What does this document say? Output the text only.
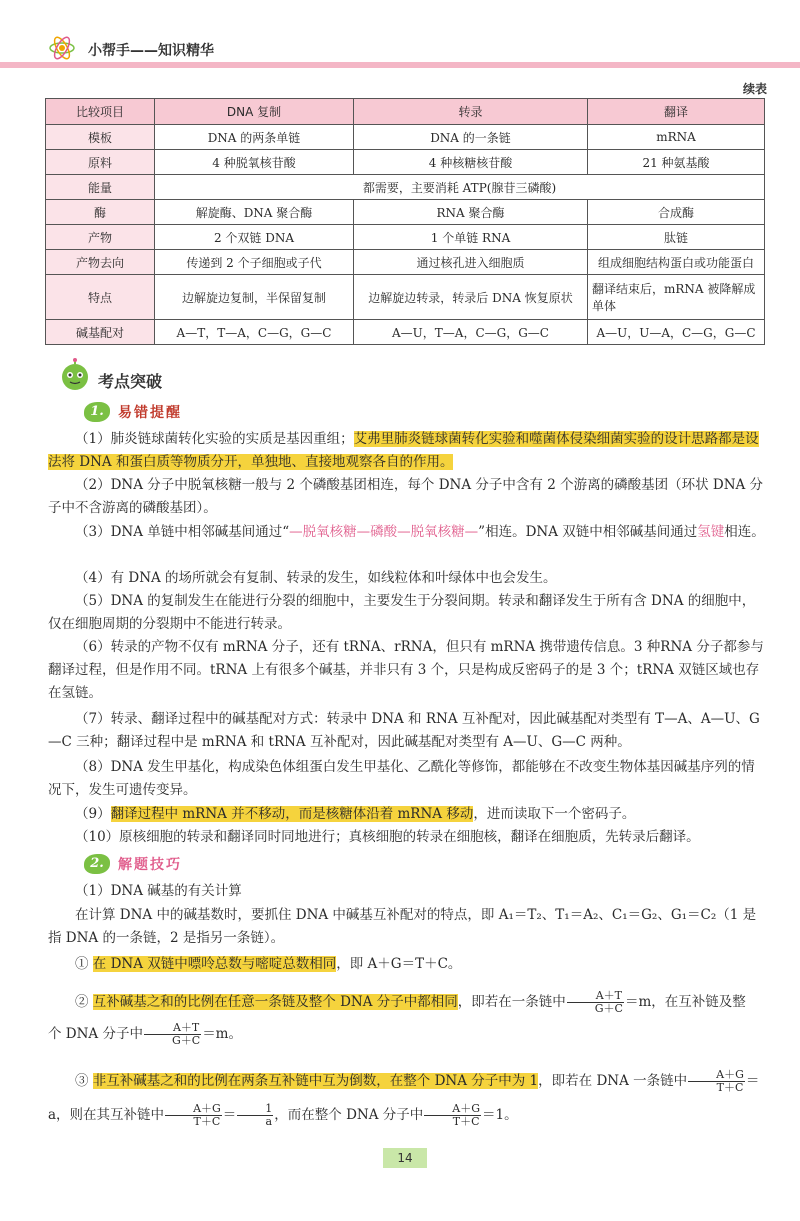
小帮手——知识精华
续表
比较项目	DNA 复制	转录	翻译
模板	DNA 的两条单链	DNA 的一条链	mRNA
原料	4 种脱氧核苷酸	4 种核糖核苷酸	21 种氨基酸
能量	都需要，主要消耗 ATP(腺苷三磷酸)		
酶	解旋酶、DNA 聚合酶	RNA 聚合酶	合成酶
产物	2 个双链 DNA	1 个单链 RNA	肽链
产物去向	传递到 2 个子细胞或子代	通过核孔进入细胞质	组成细胞结构蛋白或功能蛋白
特点	边解旋边复制，半保留复制	边解旋边转录，转录后 DNA 恢复原状	翻译结束后，mRNA 被降解成单体
碱基配对	A—T，T—A，C—G，G—C	A—U，T—A，C—G，G—C	A—U，U—A，C—G，G—C
考点突破
1.	易错提醒
（1）肺炎链球菌转化实验的实质是基因重组；艾弗里肺炎链球菌转化实验和噬菌体侵染细菌实验的设计思路都是设法将 DNA 和蛋白质等物质分开，单独地、直接地观察各自的作用。
（2）DNA 分子中脱氧核糖一般与 2 个磷酸基团相连，每个 DNA 分子中含有 2 个游离的磷酸基团（环状 DNA 分子中不含游离的磷酸基团）。
（3）DNA 单链中相邻碱基间通过“—脱氧核糖—磷酸—脱氧核糖—”相连。DNA 双链中相邻碱基间通过氢键相连。
（4）有 DNA 的场所就会有复制、转录的发生，如线粒体和叶绿体中也会发生。
（5）DNA 的复制发生在能进行分裂的细胞中，主要发生于分裂间期。转录和翻译发生于所有含 DNA 的细胞中，仅在细胞周期的分裂期中不能进行转录。
（6）转录的产物不仅有 mRNA 分子，还有 tRNA、rRNA，但只有 mRNA 携带遗传信息。3 种RNA 分子都参与翻译过程，但是作用不同。tRNA 上有很多个碱基，并非只有 3 个，只是构成反密码子的是 3 个；tRNA 双链区域也存在氢链。
（7）转录、翻译过程中的碱基配对方式：转录中 DNA 和 RNA 互补配对，因此碱基配对类型有 T—A、A—U、G—C 三种；翻译过程中是 mRNA 和 tRNA 互补配对，因此碱基配对类型有 A—U、G—C 两种。
（8）DNA 发生甲基化，构成染色体组蛋白发生甲基化、乙酰化等修饰，都能够在不改变生物体基因碱基序列的情况下，发生可遗传变异。
（9）翻译过程中 mRNA 并不移动，而是核糖体沿着 mRNA 移动，进而读取下一个密码子。
（10）原核细胞的转录和翻译同时同地进行；真核细胞的转录在细胞核，翻译在细胞质，先转录后翻译。
2.	解题技巧
（1）DNA 碱基的有关计算
在计算 DNA 中的碱基数时，要抓住 DNA 中碱基互补配对的特点，即 A₁＝T₂、T₁＝A₂、C₁＝G₂、G₁＝C₂（1 是指 DNA 的一条链，2 是指另一条链）。
① 在 DNA 双链中嘌呤总数与嘧啶总数相同，即 A＋G＝T＋C。
② 互补碱基之和的比例在任意一条链及整个 DNA 分子中都相同，即若在一条链中 $\frac{A+T}{G+C} =m$，在互补链及整
个 DNA 分子中 $\frac{A+T}{G+C} =m$。
③ 非互补碱基之和的比例在两条互补链中互为倒数，在整个 DNA 分子中为 1，即若在 DNA 一条链中 $\frac{A+G}{T+C}$ ＝
a，则在其互补链中 $\frac{A+G}{T+C} = \frac{1}{a}$ ，而在整个 DNA 分子中 $\frac{A+G}{T+C} =1$。
14
